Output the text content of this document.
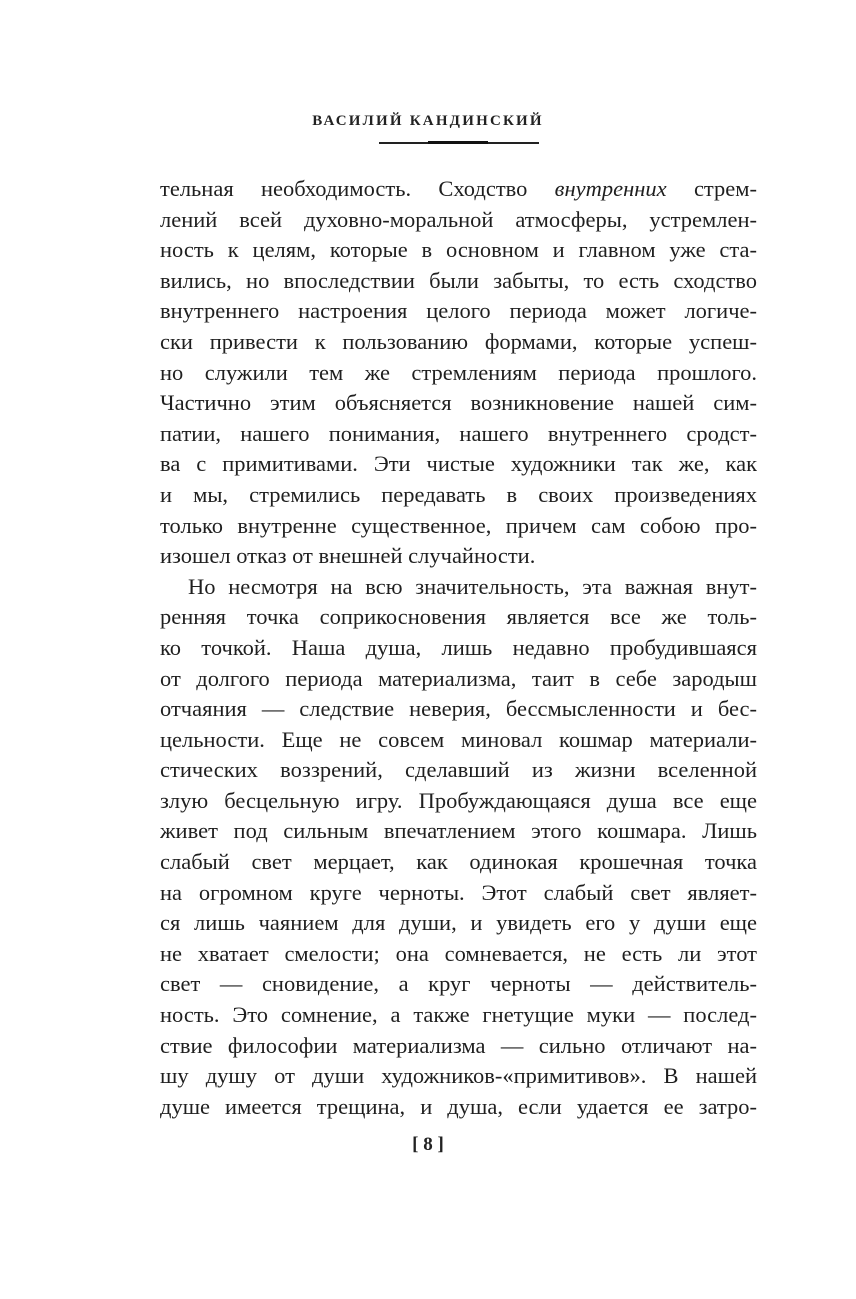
ВАСИЛИЙ КАНДИНСКИЙ
тельная необходимость. Сходство внутренних стрем-
лений всей духовно-моральной атмосферы, устремлен-
ность к целям, которые в основном и главном уже ста-
вились, но впоследствии были забыты, то есть сходство
внутреннего настроения целого периода может логиче-
ски привести к пользованию формами, которые успеш-
но служили тем же стремлениям периода прошлого.
Частично этим объясняется возникновение нашей сим-
патии, нашего понимания, нашего внутреннего сродст-
ва с примитивами. Эти чистые художники так же, как
и мы, стремились передавать в своих произведениях
только внутренне существенное, причем сам собою про-
изошел отказ от внешней случайности.
Но несмотря на всю значительность, эта важная внут-
ренняя точка соприкосновения является все же толь-
ко точкой. Наша душа, лишь недавно пробудившаяся
от долгого периода материализма, таит в себе зародыш
отчаяния — следствие неверия, бессмысленности и бес-
цельности. Еще не совсем миновал кошмар материали-
стических воззрений, сделавший из жизни вселенной
злую бесцельную игру. Пробуждающаяся душа все еще
живет под сильным впечатлением этого кошмара. Лишь
слабый свет мерцает, как одинокая крошечная точка
на огромном круге черноты. Этот слабый свет являет-
ся лишь чаянием для души, и увидеть его у души еще
не хватает смелости; она сомневается, не есть ли этот
свет — сновидение, а круг черноты — действитель-
ность. Это сомнение, а также гнетущие муки — послед-
ствие философии материализма — сильно отличают на-
шу душу от души художников-«примитивов». В нашей
душе имеется трещина, и душа, если удается ее затро-
[ 8 ]
